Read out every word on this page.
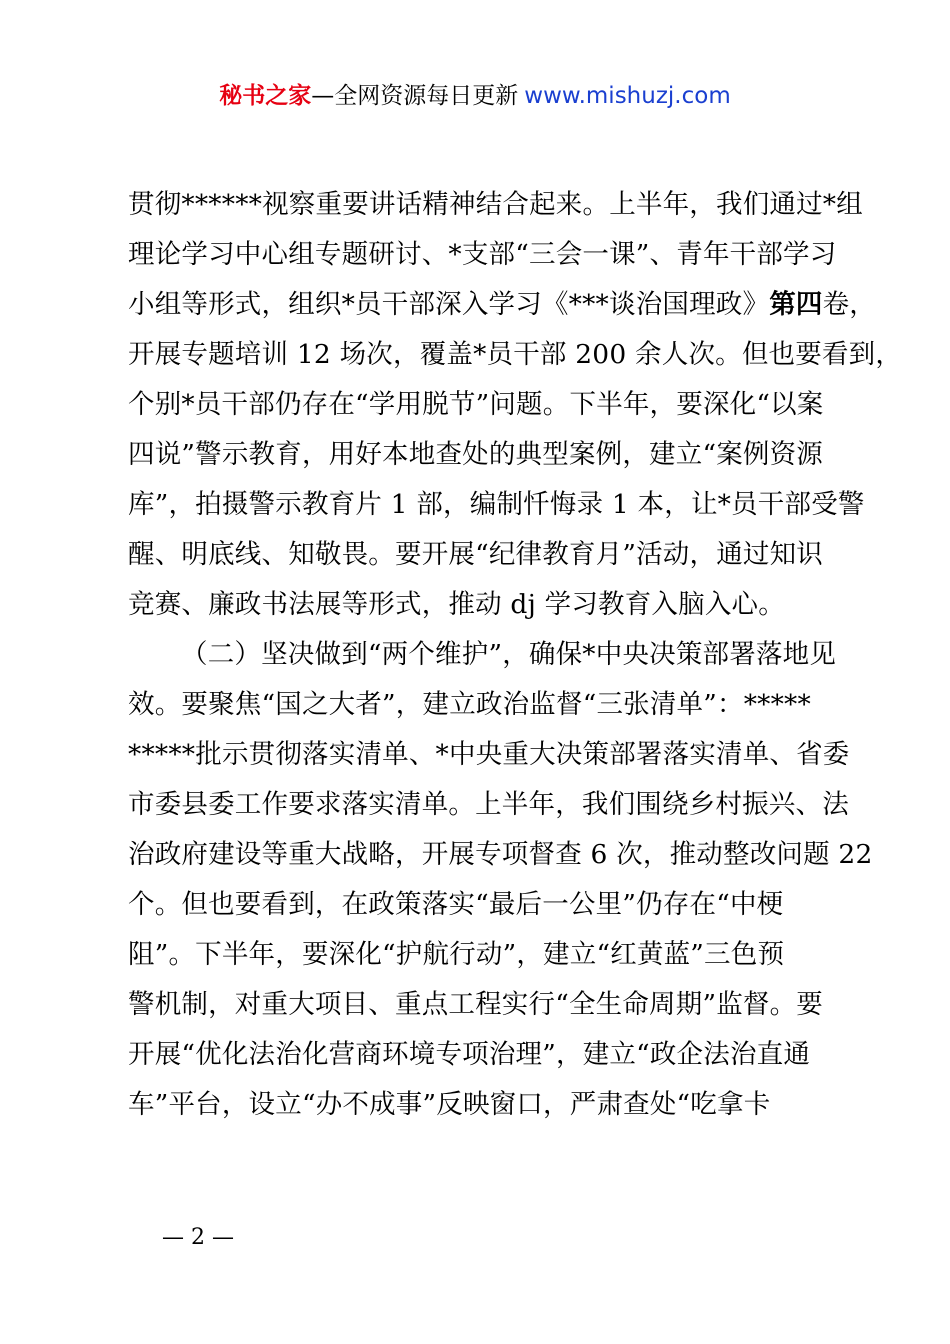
秘书之家—全网资源每日更新 www.mishuzj.com
贯彻******视察重要讲话精神结合起来。上半年，我们通过*组
理论学习中心组专题研讨、*支部“三会一课”、青年干部学习
小组等形式，组织*员干部深入学习《***谈治国理政》第四卷，
开展专题培训 12 场次，覆盖*员干部 200 余人次。但也要看到，
个别*员干部仍存在“学用脱节”问题。下半年，要深化“以案
四说”警示教育，用好本地查处的典型案例，建立“案例资源
库”，拍摄警示教育片 1 部，编制忏悔录 1 本，让*员干部受警
醒、明底线、知敬畏。要开展“纪律教育月”活动，通过知识
竞赛、廉政书法展等形式，推动 dj 学习教育入脑入心。
（二）坚决做到“两个维护”，确保*中央决策部署落地见
效。要聚焦“国之大者”，建立政治监督“三张清单”：*****
*****批示贯彻落实清单、*中央重大决策部署落实清单、省委
市委县委工作要求落实清单。上半年，我们围绕乡村振兴、法
治政府建设等重大战略，开展专项督查 6 次，推动整改问题 22
个。但也要看到，在政策落实“最后一公里”仍存在“中梗
阻”。下半年，要深化“护航行动”，建立“红黄蓝”三色预
警机制，对重大项目、重点工程实行“全生命周期”监督。要
开展“优化法治化营商环境专项治理”，建立“政企法治直通
车”平台，设立“办不成事”反映窗口，严肃查处“吃拿卡
— 2 —
